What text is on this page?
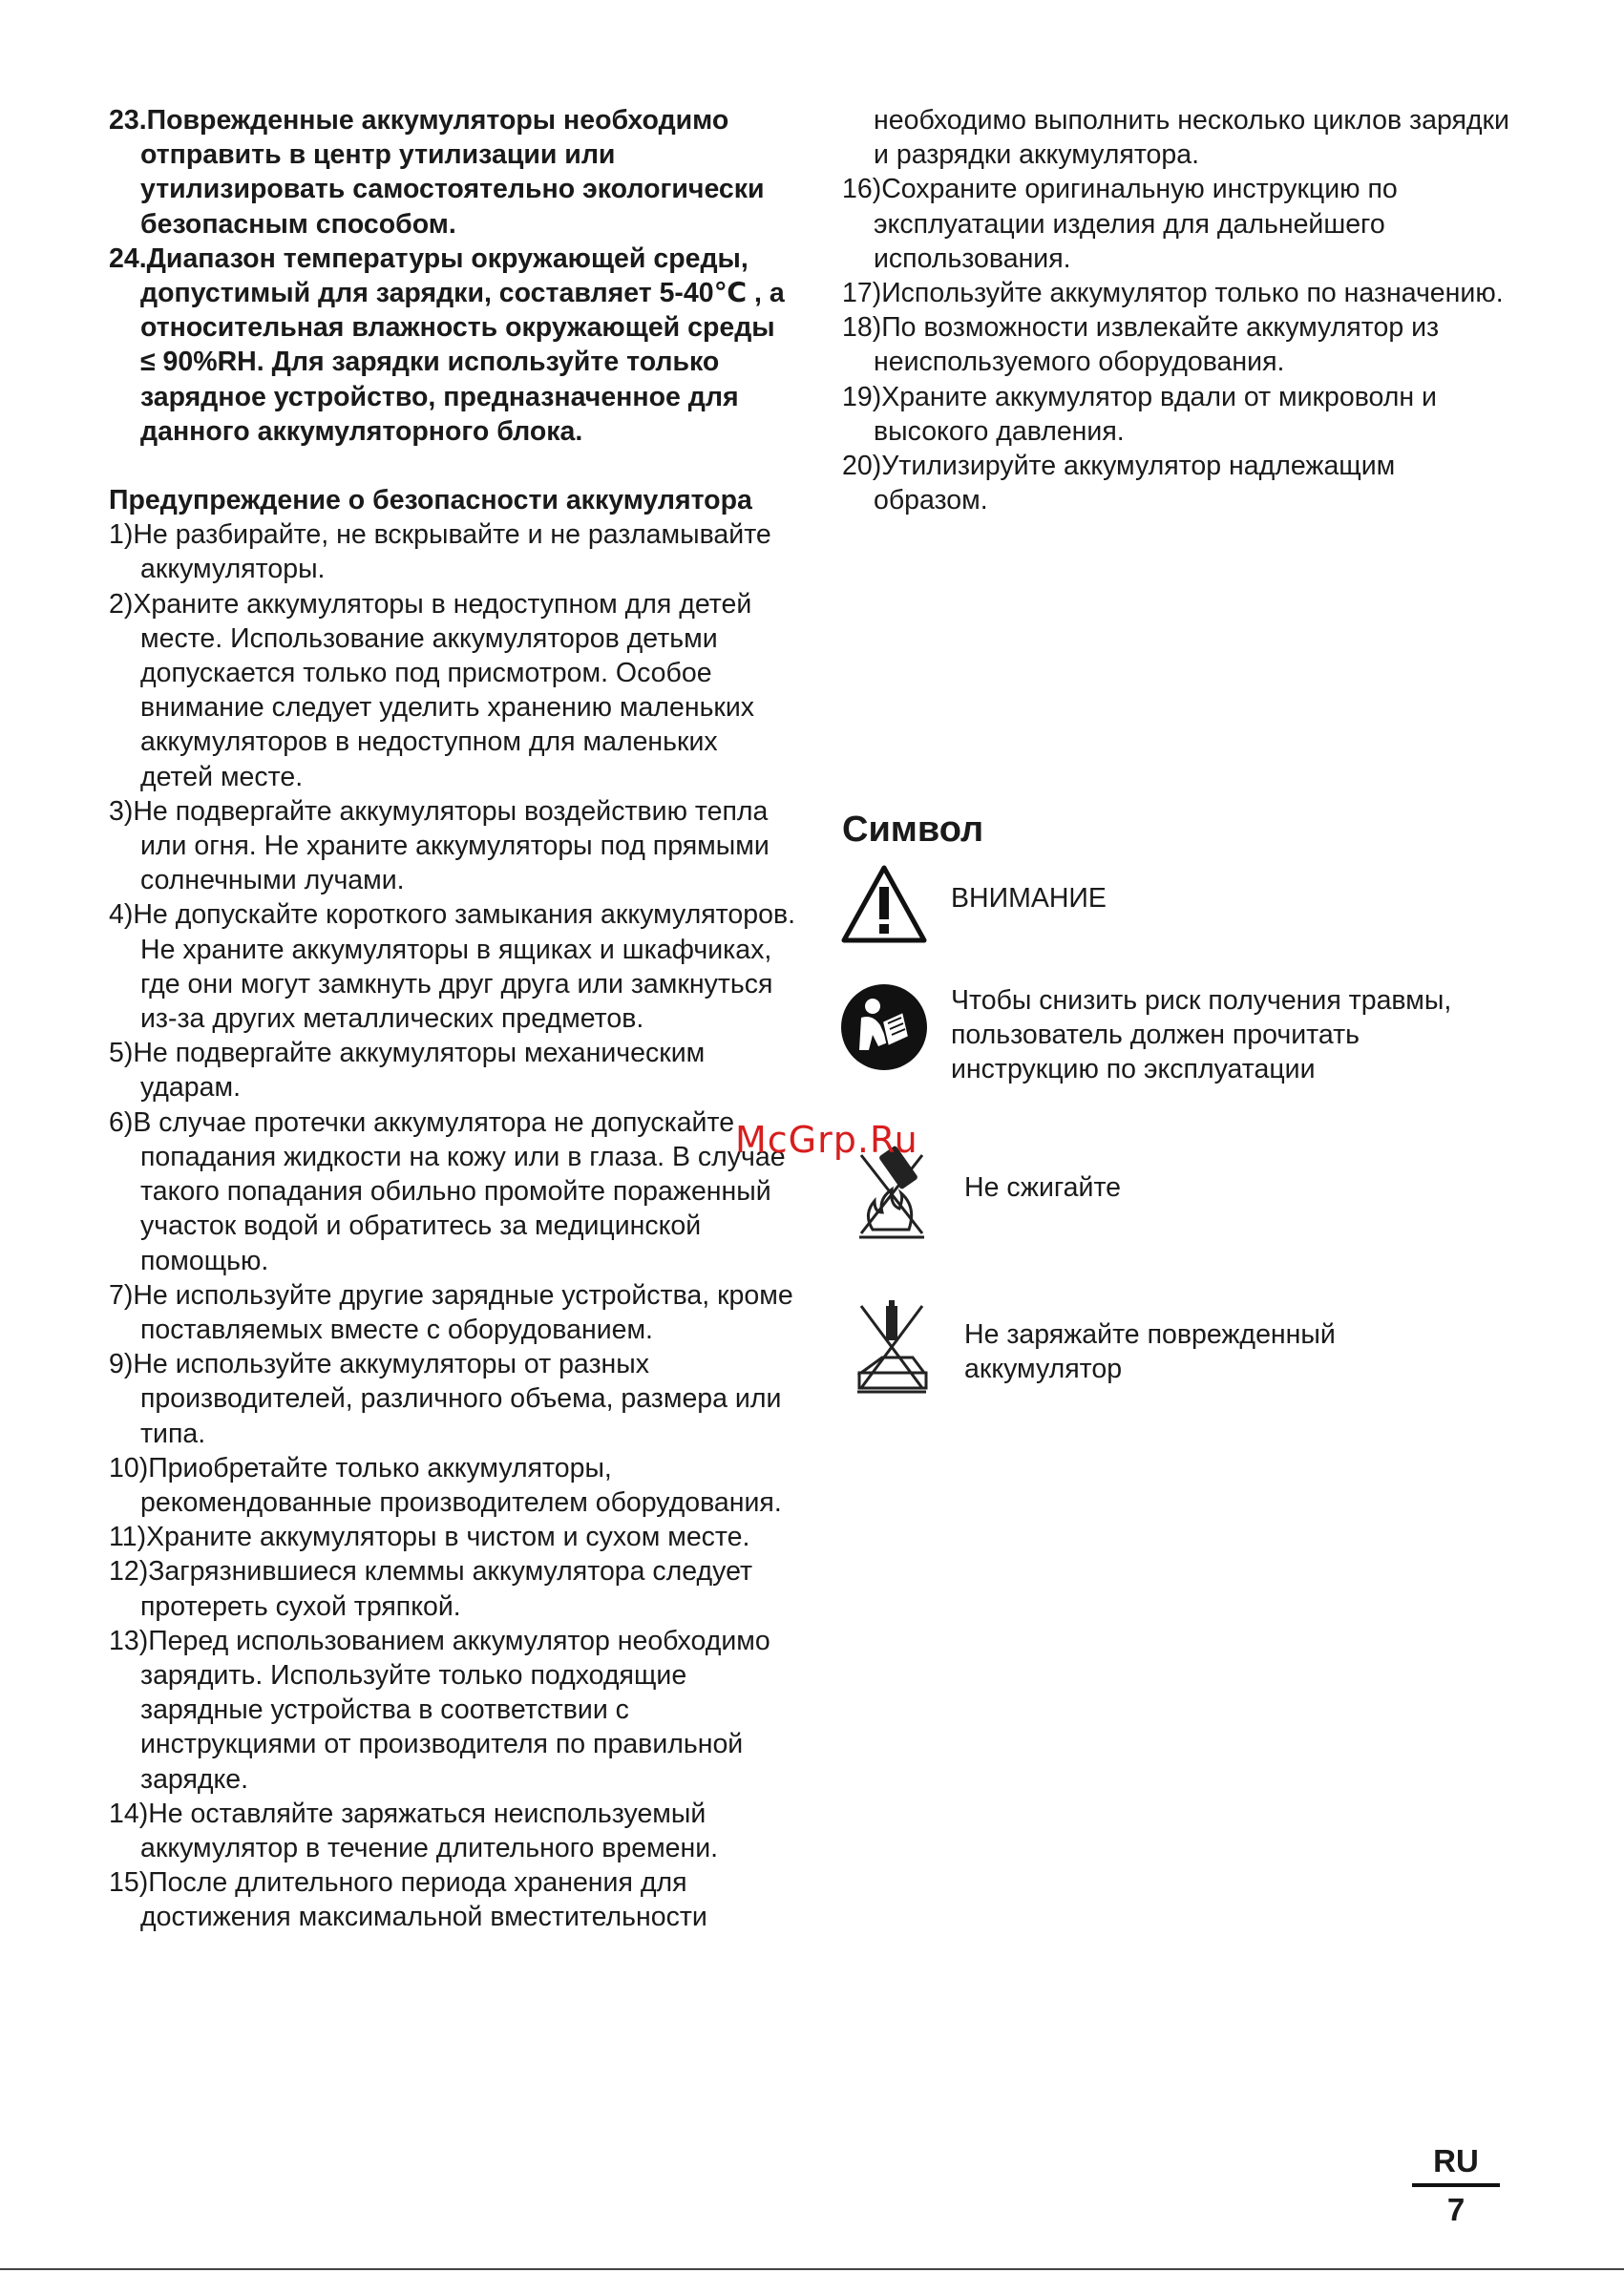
23.Поврежденные аккумуляторы необходимо отправить в центр утилизации или утилизировать самостоятельно экологически безопасным способом.

24.Диапазон температуры окружающей среды, допустимый для зарядки, составляет 5-40℃ , а относительная влажность окружающей среды ≤ 90%RH. Для зарядки используйте только зарядное устройство, предназначенное для данного аккумуляторного блока.

Предупреждение о безопасности аккумулятора

1)Не разбирайте, не вскрывайте и не разламывайте аккумуляторы.

2)Храните аккумуляторы в недоступном для детей месте. Использование аккумуляторов детьми допускается только под присмотром. Особое внимание следует уделить хранению маленьких аккумуляторов в недоступном для маленьких детей месте.

3)Не подвергайте аккумуляторы воздействию тепла или огня. Не храните аккумуляторы под прямыми солнечными лучами.

4)Не допускайте короткого замыкания аккумуляторов. Не храните аккумуляторы в ящиках и шкафчиках, где они могут замкнуть друг друга или замкнуться из-за других металлических предметов.

5)Не подвергайте аккумуляторы механическим ударам.

6)В случае протечки аккумулятора не допускайте попадания жидкости на кожу или в глаза. В случае такого попадания обильно промойте пораженный участок водой и обратитесь за медицинской помощью.

7)Не используйте другие зарядные устройства, кроме поставляемых вместе с оборудованием.

9)Не используйте аккумуляторы от разных производителей, различного объема, размера или типа.

10)Приобретайте только аккумуляторы, рекомендованные производителем оборудования.

11)Храните аккумуляторы в чистом и сухом месте.

12)Загрязнившиеся клеммы аккумулятора следует протереть сухой тряпкой.

13)Перед использованием аккумулятор необходимо зарядить. Используйте только подходящие зарядные устройства в соответствии с инструкциями от производителя по правильной зарядке.

14)Не оставляйте заряжаться неиспользуемый аккумулятор в течение длительного времени.

15)После длительного периода хранения для достижения максимальной вместительности

необходимо выполнить несколько циклов зарядки и разрядки аккумулятора.

16)Сохраните оригинальную инструкцию по эксплуатации изделия для дальнейшего использования.

17)Используйте аккумулятор только по назначению.

18)По возможности извлекайте аккумулятор из неиспользуемого оборудования.

19)Храните аккумулятор вдали от микроволн и высокого давления.

20)Утилизируйте аккумулятор надлежащим образом.

Символ
ВНИМАНИЕ
Чтобы снизить риск получения травмы,
пользователь должен прочитать
инструкцию по эксплуатации
Не сжигайте
Не заряжайте поврежденный
аккумулятор
McGrp.Ru
RU
7
